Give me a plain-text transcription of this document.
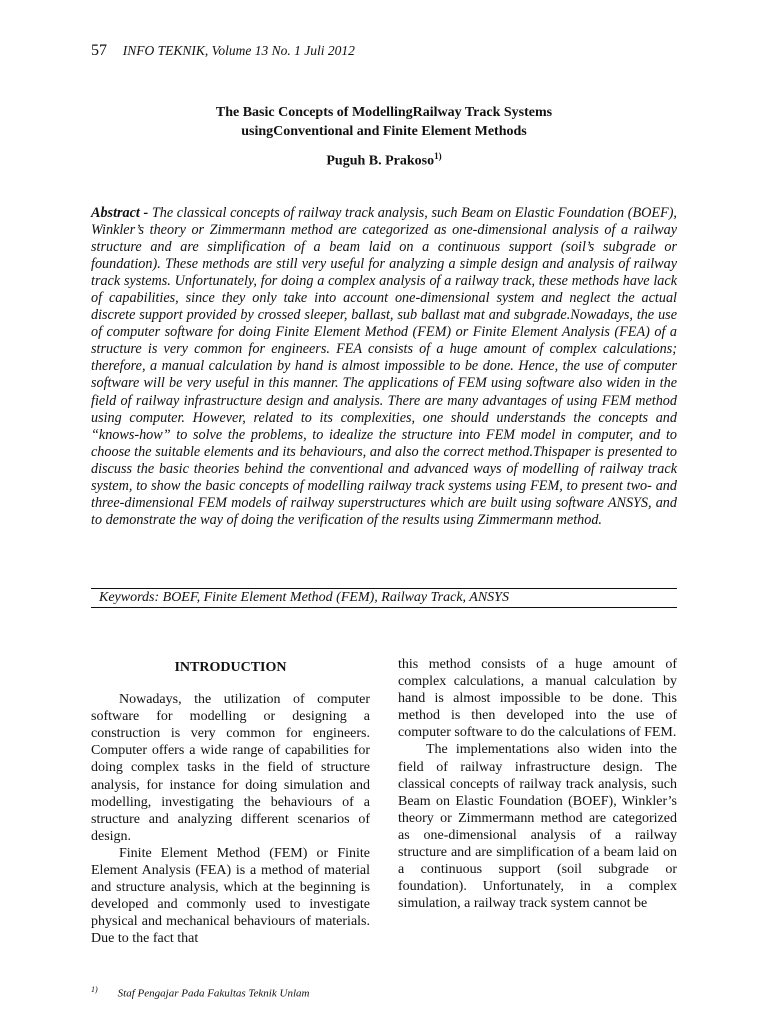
57 INFO TEKNIK, Volume 13 No. 1 Juli 2012
The Basic Concepts of ModellingRailway Track Systems
usingConventional and Finite Element Methods
Puguh B. Prakoso$^{1)}$
Abstract - The classical concepts of railway track analysis, such Beam on Elastic Foundation (BOEF), Winkler’s theory or Zimmermann method are categorized as one-dimensional analysis of a railway structure and are simplification of a beam laid on a continuous support (soil’s subgrade or foundation). These methods are still very useful for analyzing a simple design and analysis of railway track systems. Unfortunately, for doing a complex analysis of a railway track, these methods have lack of capabilities, since they only take into account one-dimensional system and neglect the actual discrete support provided by crossed sleeper, ballast, sub ballast mat and subgrade.Nowadays, the use of computer software for doing Finite Element Method (FEM) or Finite Element Analysis (FEA) of a structure is very common for engineers. FEA consists of a huge amount of complex calculations; therefore, a manual calculation by hand is almost impossible to be done. Hence, the use of computer software will be very useful in this manner. The applications of FEM using software also widen in the field of railway infrastructure design and analysis. There are many advantages of using FEM method using computer. However, related to its complexities, one should understands the concepts and “knows-how” to solve the problems, to idealize the structure into FEM model in computer, and to choose the suitable elements and its behaviours, and also the correct method.Thispaper is presented to discuss the basic theories behind the conventional and advanced ways of modelling of railway track system, to show the basic concepts of modelling railway track systems using FEM, to present two- and three-dimensional FEM models of railway superstructures which are built using software ANSYS, and to demonstrate the way of doing the verification of the results using Zimmermann method.
Keywords: BOEF, Finite Element Method (FEM), Railway Track, ANSYS
INTRODUCTION

Nowadays, the utilization of computer software for modelling or designing a construction is very common for engineers. Computer offers a wide range of capabilities for doing complex tasks in the field of structure analysis, for instance for doing simulation and modelling, investigating the behaviours of a structure and analyzing different scenarios of design.

Finite Element Method (FEM) or Finite Element Analysis (FEA) is a method of material and structure analysis, which at the beginning is developed and commonly used to investigate physical and mechanical behaviours of materials. Due to the fact that

this method consists of a huge amount of complex calculations, a manual calculation by hand is almost impossible to be done. This method is then developed into the use of computer software to do the calculations of FEM.

The implementations also widen into the field of railway infrastructure design. The classical concepts of railway track analysis, such Beam on Elastic Foundation (BOEF), Winkler’s theory or Zimmermann method are categorized as one-dimensional analysis of a railway structure and are simplification of a beam laid on a continuous support (soil subgrade or foundation). Unfortunately, in a complex simulation, a railway track system cannot be

$^{1)}$ Staf Pengajar Pada Fakultas Teknik Unlam
